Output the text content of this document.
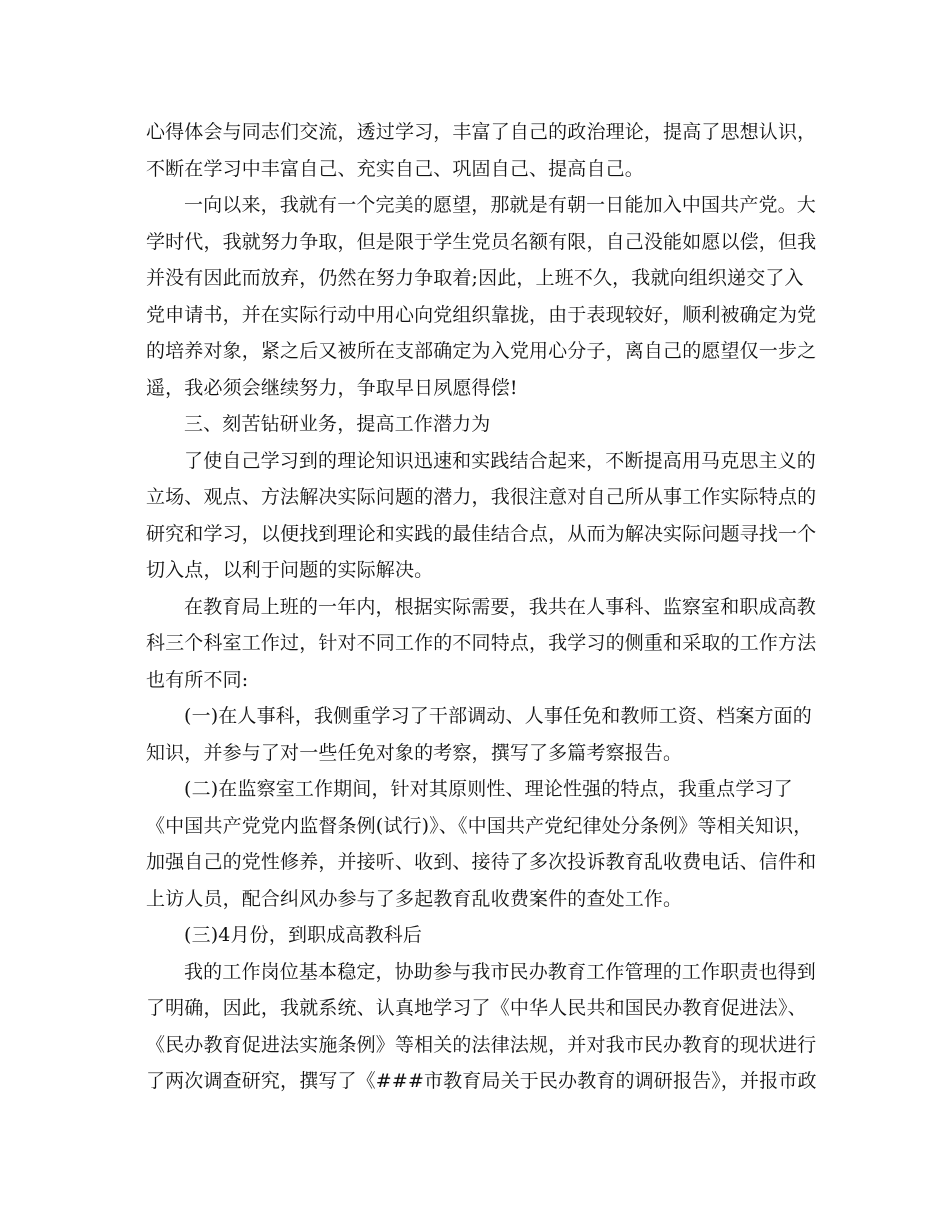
心得体会与同志们交流，透过学习，丰富了自己的政治理论，提高了思想认识，
不断在学习中丰富自己、充实自己、巩固自己、提高自己。
一向以来，我就有一个完美的愿望，那就是有朝一日能加入中国共产党。大
学时代，我就努力争取，但是限于学生党员名额有限，自己没能如愿以偿，但我
并没有因此而放弃，仍然在努力争取着;因此，上班不久，我就向组织递交了入
党申请书，并在实际行动中用心向党组织靠拢，由于表现较好，顺利被确定为党
的培养对象，紧之后又被所在支部确定为入党用心分子，离自己的愿望仅一步之
遥，我必须会继续努力，争取早日夙愿得偿!
三、刻苦钻研业务，提高工作潜力为
了使自己学习到的理论知识迅速和实践结合起来，不断提高用马克思主义的
立场、观点、方法解决实际问题的潜力，我很注意对自己所从事工作实际特点的
研究和学习，以便找到理论和实践的最佳结合点，从而为解决实际问题寻找一个
切入点，以利于问题的实际解决。
在教育局上班的一年内，根据实际需要，我共在人事科、监察室和职成高教
科三个科室工作过，针对不同工作的不同特点，我学习的侧重和采取的工作方法
也有所不同:
(一)在人事科，我侧重学习了干部调动、人事任免和教师工资、档案方面的
知识，并参与了对一些任免对象的考察，撰写了多篇考察报告。
(二)在监察室工作期间，针对其原则性、理论性强的特点，我重点学习了
《中国共产党党内监督条例(试行)》、《中国共产党纪律处分条例》等相关知识，
加强自己的党性修养，并接听、收到、接待了多次投诉教育乱收费电话、信件和
上访人员，配合纠风办参与了多起教育乱收费案件的查处工作。
(三)4月份，到职成高教科后
我的工作岗位基本稳定，协助参与我市民办教育工作管理的工作职责也得到
了明确，因此，我就系统、认真地学习了《中华人民共和国民办教育促进法》、
《民办教育促进法实施条例》等相关的法律法规，并对我市民办教育的现状进行
了两次调查研究，撰写了《###市教育局关于民办教育的调研报告》，并报市政
